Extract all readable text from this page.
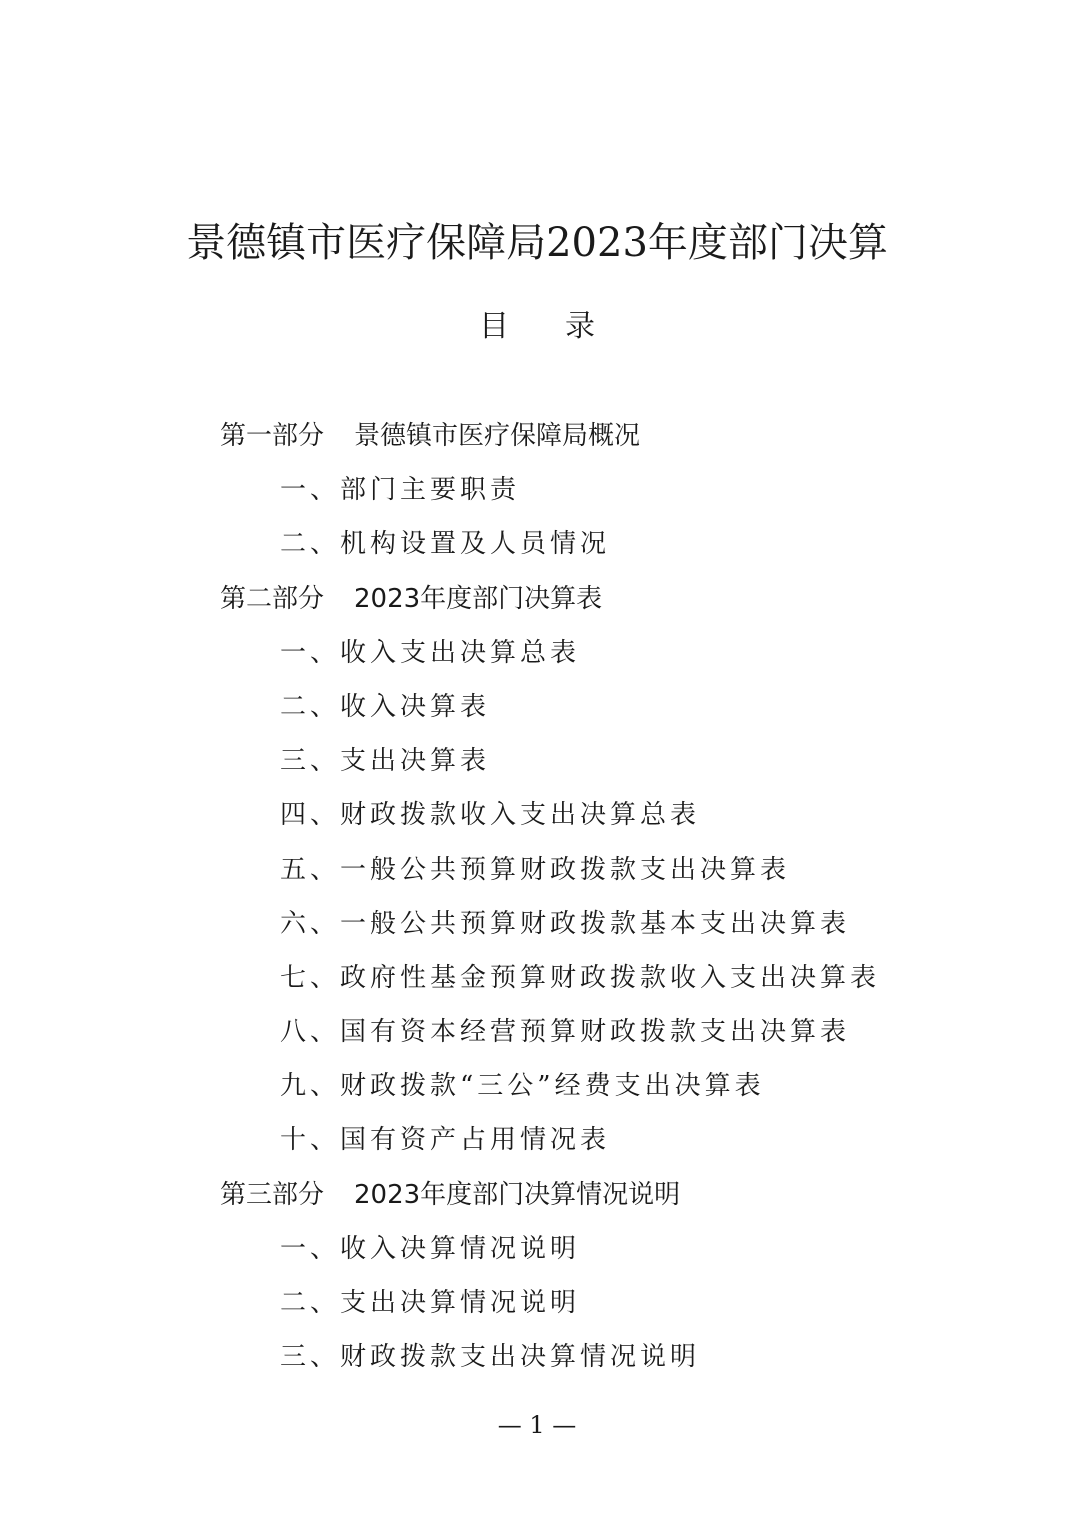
景德镇市医疗保障局2023年度部门决算
目 录
第一部分 景德镇市医疗保障局概况
一、部门主要职责
二、机构设置及人员情况
第二部分 2023年度部门决算表
一、收入支出决算总表
二、收入决算表
三、支出决算表
四、财政拨款收入支出决算总表
五、一般公共预算财政拨款支出决算表
六、一般公共预算财政拨款基本支出决算表
七、政府性基金预算财政拨款收入支出决算表
八、国有资本经营预算财政拨款支出决算表
九、财政拨款“三公”经费支出决算表
十、国有资产占用情况表
第三部分 2023年度部门决算情况说明
一、收入决算情况说明
二、支出决算情况说明
三、财政拨款支出决算情况说明
— 1 —
